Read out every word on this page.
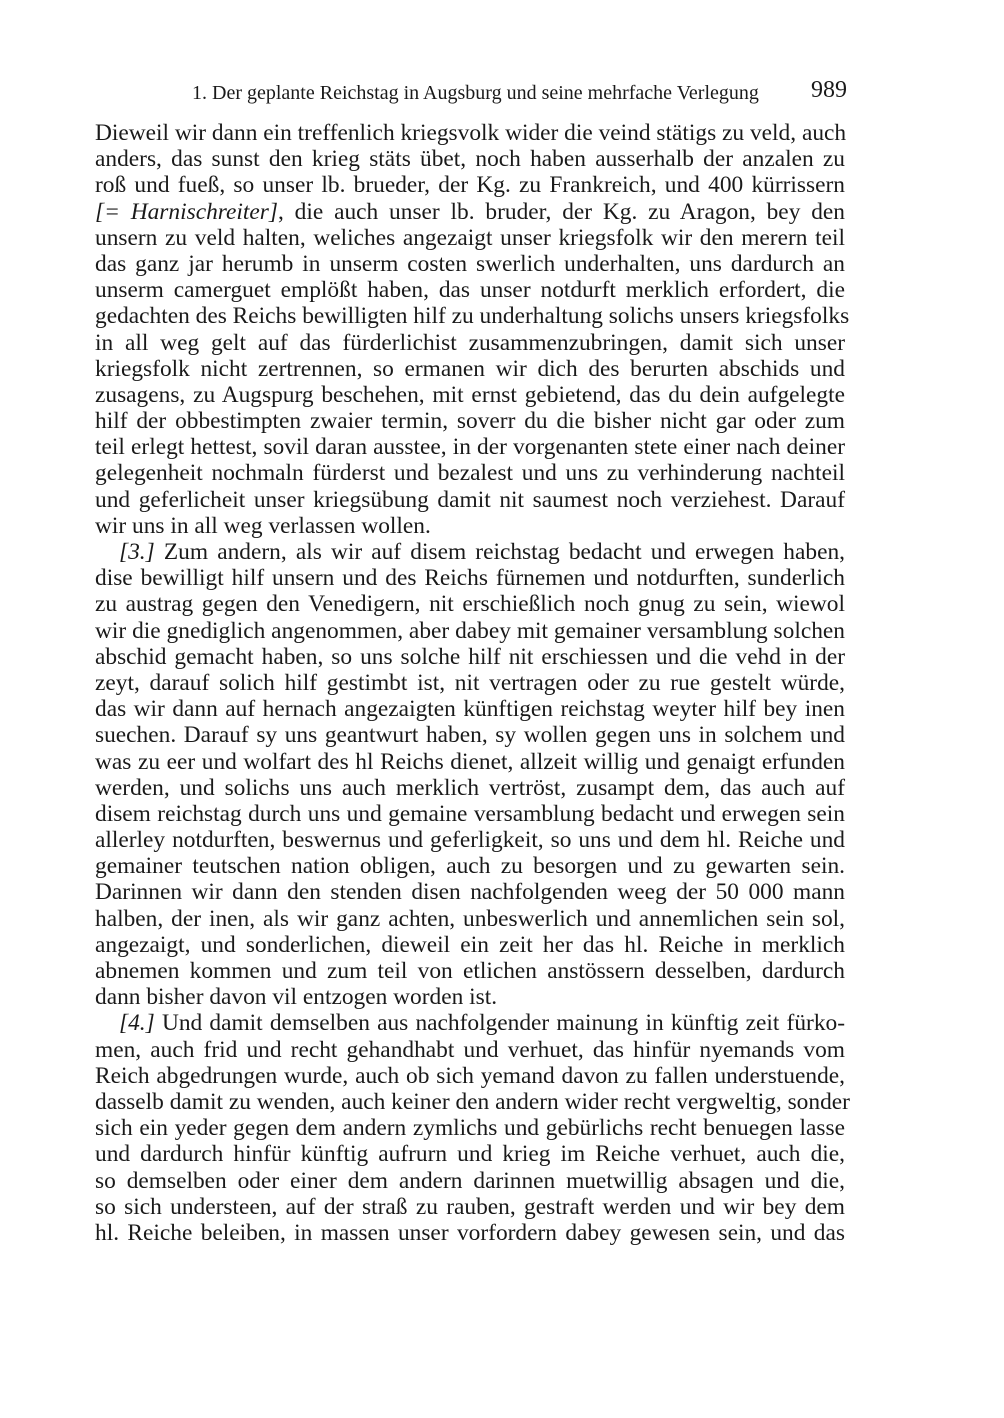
1. Der geplante Reichstag in Augsburg und seine mehrfache Verlegung 989
Dieweil wir dann ein treffenlich kriegsvolk wider die veind stätigs zu veld, auch
anders, das sunst den krieg stäts übet, noch haben ausserhalb der anzalen zu
roß und fueß, so unser lb. brueder, der Kg. zu Frankreich, und 400 kürrissern
[= Harnischreiter], die auch unser lb. bruder, der Kg. zu Aragon, bey den
unsern zu veld halten, weliches angezaigt unser kriegsfolk wir den merern teil
das ganz jar herumb in unserm costen swerlich underhalten, uns dardurch an
unserm camerguet emplößt haben, das unser notdurft merklich erfordert, die
gedachten des Reichs bewilligten hilf zu underhaltung solichs unsers kriegsfolks
in all weg gelt auf das fürderlichist zusammenzubringen, damit sich unser
kriegsfolk nicht zertrennen, so ermanen wir dich des berurten abschids und
zusagens, zu Augspurg beschehen, mit ernst gebietend, das du dein aufgelegte
hilf der obbestimpten zwaier termin, soverr du die bisher nicht gar oder zum
teil erlegt hettest, sovil daran ausstee, in der vorgenanten stete einer nach deiner
gelegenheit nochmaln fürderst und bezalest und uns zu verhinderung nachteil
und geferlicheit unser kriegsübung damit nit saumest noch verziehest. Darauf
wir uns in all weg verlassen wollen.
[3.] Zum andern, als wir auf disem reichstag bedacht und erwegen haben,
dise bewilligt hilf unsern und des Reichs fürnemen und notdurften, sunderlich
zu austrag gegen den Venedigern, nit erschießlich noch gnug zu sein, wiewol
wir die gnediglich angenommen, aber dabey mit gemainer versamblung solchen
abschid gemacht haben, so uns solche hilf nit erschiessen und die vehd in der
zeyt, darauf solich hilf gestimbt ist, nit vertragen oder zu rue gestelt würde,
das wir dann auf hernach angezaigten künftigen reichstag weyter hilf bey inen
suechen. Darauf sy uns geantwurt haben, sy wollen gegen uns in solchem und
was zu eer und wolfart des hl Reichs dienet, allzeit willig und genaigt erfunden
werden, und solichs uns auch merklich vertröst, zusampt dem, das auch auf
disem reichstag durch uns und gemaine versamblung bedacht und erwegen sein
allerley notdurften, beswernus und geferligkeit, so uns und dem hl. Reiche und
gemainer teutschen nation obligen, auch zu besorgen und zu gewarten sein.
Darinnen wir dann den stenden disen nachfolgenden weeg der 50 000 mann
halben, der inen, als wir ganz achten, unbeswerlich und annemlichen sein sol,
angezaigt, und sonderlichen, dieweil ein zeit her das hl. Reiche in merklich
abnemen kommen und zum teil von etlichen anstössern desselben, dardurch
dann bisher davon vil entzogen worden ist.
[4.] Und damit demselben aus nachfolgender mainung in künftig zeit fürko-
men, auch frid und recht gehandhabt und verhuet, das hinfür nyemands vom
Reich abgedrungen wurde, auch ob sich yemand davon zu fallen understuende,
dasselb damit zu wenden, auch keiner den andern wider recht vergweltig, sonder
sich ein yeder gegen dem andern zymlichs und gebürlichs recht benuegen lasse
und dardurch hinfür künftig aufrurn und krieg im Reiche verhuet, auch die,
so demselben oder einer dem andern darinnen muetwillig absagen und die,
so sich understeen, auf der straß zu rauben, gestraft werden und wir bey dem
hl. Reiche beleiben, in massen unser vorfordern dabey gewesen sein, und das
